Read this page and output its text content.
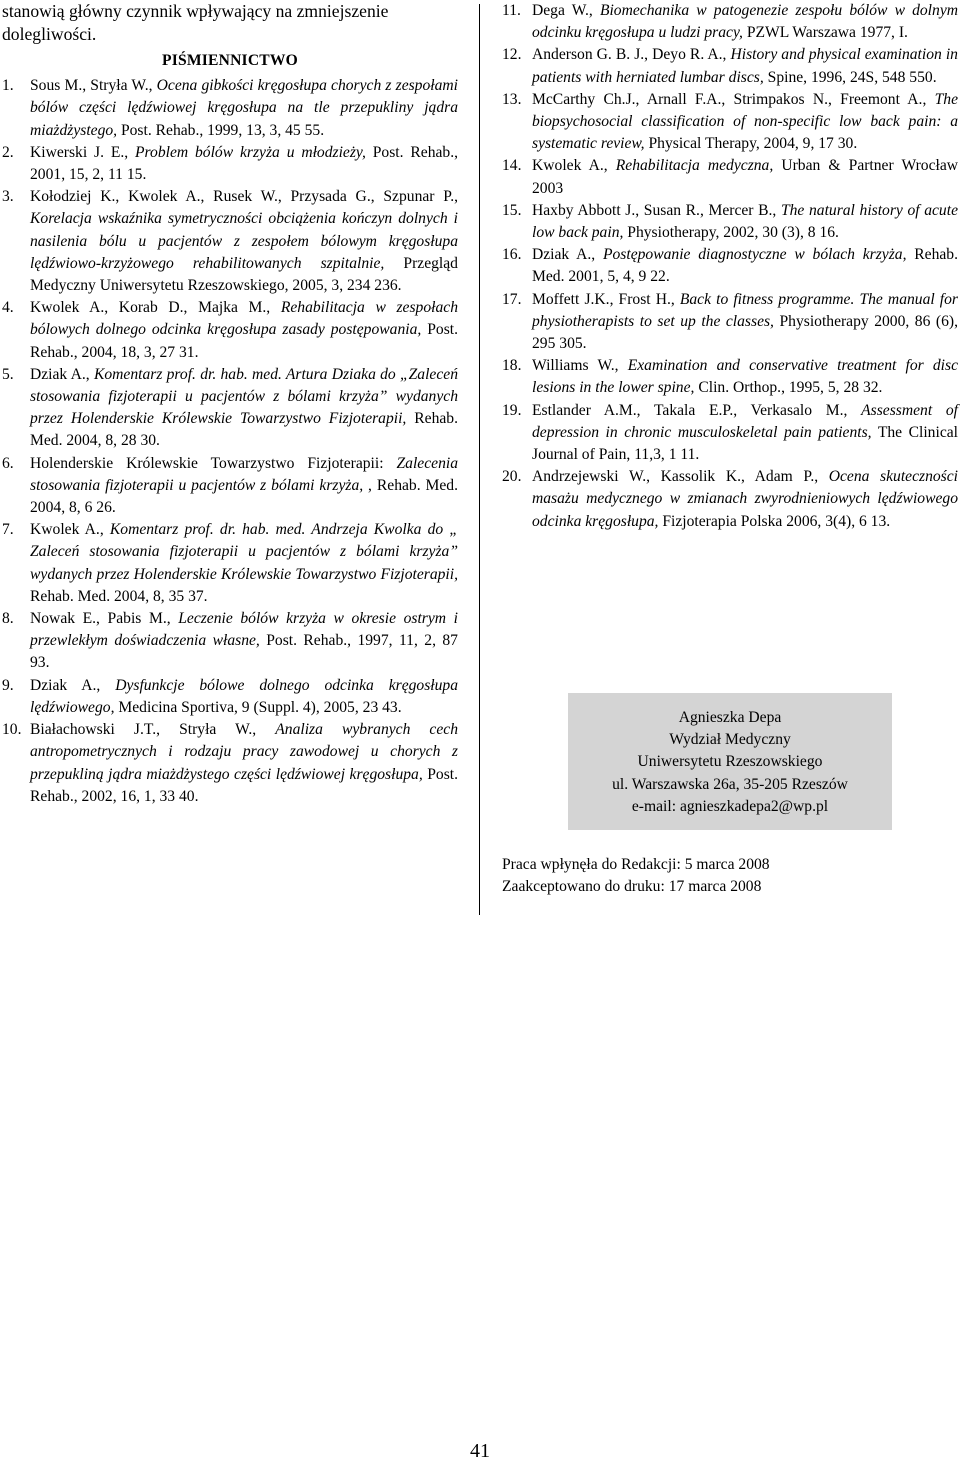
stanowią główny czynnik wpływający na zmniejszenie dolegliwości.

PIŚMIENNICTWO
1.	Sous M., Stryła W., Ocena gibkości kręgosłupa chorych z zespołami bólów części lędźwiowej kręgosłupa na tle przepukliny jądra miażdżystego, Post. Rehab., 1999, 13, 3, 45 55.
2.	Kiwerski J. E., Problem bólów krzyża u młodzieży, Post. Rehab., 2001, 15, 2, 11 15.
3.	Kołodziej K., Kwolek A., Rusek W., Przysada G., Szpunar P., Korelacja wskaźnika symetryczności obciążenia kończyn dolnych i nasilenia bólu u pacjentów z zespołem bólowym kręgosłupa lędźwiowo-krzyżowego rehabilitowanych szpitalnie, Przegląd Medyczny Uniwersytetu Rzeszowskiego, 2005, 3, 234 236.
4.	Kwolek A., Korab D., Majka M., Rehabilitacja w zespołach bólowych dolnego odcinka kręgosłupa zasady postępowania, Post. Rehab., 2004, 18, 3, 27 31.
5.	Dziak A., Komentarz prof. dr. hab. med. Artura Dziaka do „Zaleceń stosowania fizjoterapii u pacjentów z bólami krzyża” wydanych przez Holenderskie Królewskie Towarzystwo Fizjoterapii, Rehab. Med. 2004, 8, 28 30.
6.	Holenderskie Królewskie Towarzystwo Fizjoterapii: Zalecenia stosowania fizjoterapii u pacjentów z bólami krzyża, , Rehab. Med. 2004, 8, 6 26.
7.	Kwolek A., Komentarz prof. dr. hab. med. Andrzeja Kwolka do „ Zaleceń stosowania fizjoterapii u pacjentów z bólami krzyża” wydanych przez Holenderskie Królewskie Towarzystwo Fizjoterapii, Rehab. Med. 2004, 8, 35 37.
8.	Nowak E., Pabis M., Leczenie bólów krzyża w okresie ostrym i przewlekłym doświadczenia własne, Post. Rehab., 1997, 11, 2, 87 93.
9.	Dziak A., Dysfunkcje bólowe dolnego odcinka kręgosłupa lędźwiowego, Medicina Sportiva, 9 (Suppl. 4), 2005, 23 43.
10. Białachowski J.T., Stryła W., Analiza wybranych cech antropometrycznych i rodzaju pracy zawodowej u chorych z przepukliną jądra miażdżystego części lędźwiowej kręgosłupa, Post. Rehab., 2002, 16, 1, 33 40.
11. Dega W., Biomechanika w patogenezie zespołu bólów w dolnym odcinku kręgosłupa u ludzi pracy, PZWL Warszawa 1977, I.
12. Anderson G. B. J., Deyo R. A., History and physical examination in patients with herniated lumbar discs, Spine, 1996, 24S, 548 550.
13. McCarthy Ch.J., Arnall F.A., Strimpakos N., Freemont A., The biopsychosocial classification of non-specific low back pain: a systematic review, Physical Therapy, 2004, 9, 17 30.
14. Kwolek A., Rehabilitacja medyczna, Urban & Partner Wrocław 2003
15. Haxby Abbott J., Susan R., Mercer B., The natural history of acute low back pain, Physiotherapy, 2002, 30 (3), 8 16.
16. Dziak A., Postępowanie diagnostyczne w bólach krzyża, Rehab. Med. 2001, 5, 4, 9 22.
17. Moffett J.K., Frost H., Back to fitness programme. The manual for physiotherapists to set up the classes, Physiotherapy 2000, 86 (6), 295 305.
18. Williams W., Examination and conservative treatment for disc lesions in the lower spine, Clin. Orthop., 1995, 5, 28 32.
19. Estlander A.M., Takala E.P., Verkasalo M., Assessment of depression in chronic musculoskeletal pain patients, The Clinical Journal of Pain, 11,3, 1 11.
20. Andrzejewski W., Kassolik K., Adam P., Ocena skuteczności masażu medycznego w zmianach zwyrodnieniowych lędźwiowego odcinka kręgosłupa, Fizjoterapia Polska 2006, 3(4), 6 13.
Agnieszka Depa
Wydział Medyczny
Uniwersytetu Rzeszowskiego
ul. Warszawska 26a, 35-205 Rzeszów
e-mail: agnieszkadepa2@wp.pl
Praca wpłynęła do Redakcji: 5 marca 2008
Zaakceptowano do druku: 17 marca 2008
41
